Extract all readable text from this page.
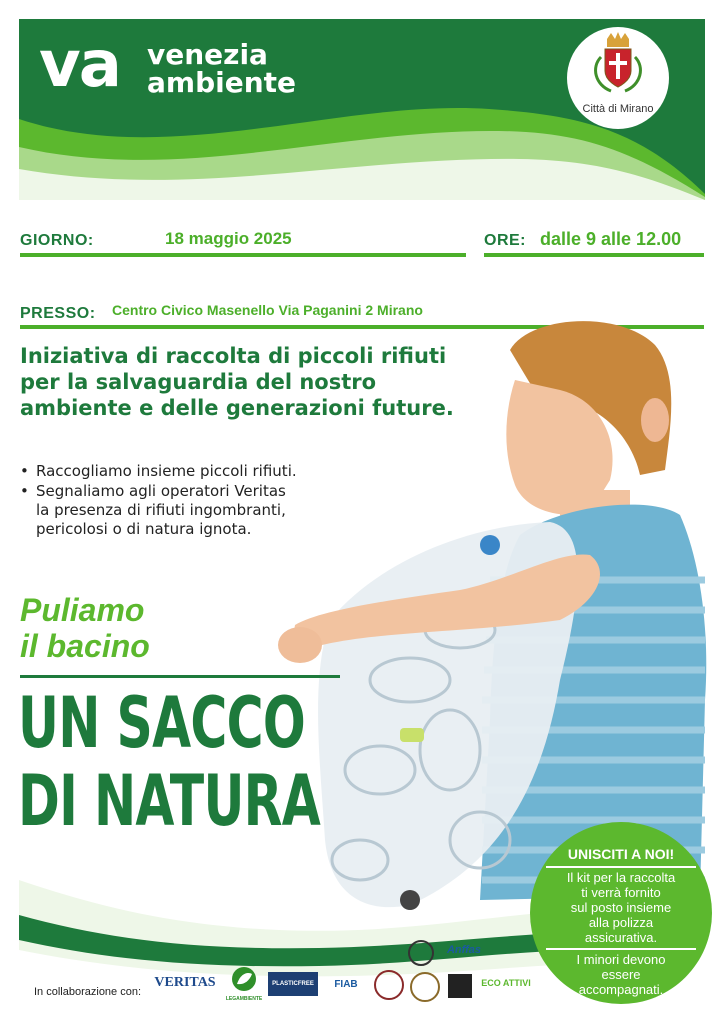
va venezia
ambiente
Città di Mirano
GIORNO:	18 maggio 2025	ORE: dalle 9 alle 12.00
PRESSO: Centro Civico Masenello Via Paganini 2 Mirano
Iniziativa di raccolta di piccoli rifiuti
per la salvaguardia del nostro
ambiente e delle generazioni future.
• Raccogliamo insieme piccoli rifiuti.
• Segnaliamo agli operatori Veritas
la presenza di rifiuti ingombranti,
pericolosi o di natura ignota.
Puliamo
il bacino
UN SACCO
DI NATURA
UNISCITI A NOI!
Il kit per la raccolta
ti verrà fornito
sul posto insieme
alla polizza
assicurativa.
I minori devono
essere
accompagnati.
In collaborazione con:
VERITAS
LEGAMBIENTE
PLASTICFREE	FIAB
Anffas
ECO ATTIVI
